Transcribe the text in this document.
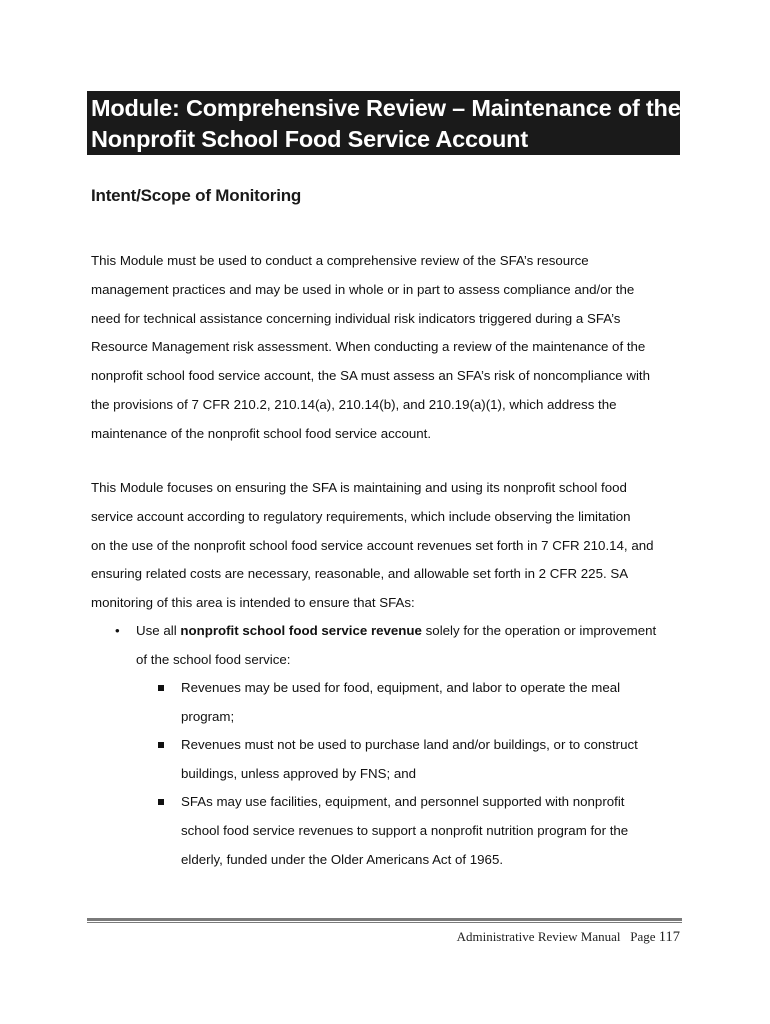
Module: Comprehensive Review – Maintenance of the
Nonprofit School Food Service Account
Intent/Scope of Monitoring
This Module must be used to conduct a comprehensive review of the SFA’s resource
management practices and may be used in whole or in part to assess compliance and/or the
need for technical assistance concerning individual risk indicators triggered during a SFA’s
Resource Management risk assessment. When conducting a review of the maintenance of the
nonprofit school food service account, the SA must assess an SFA’s risk of noncompliance with
the provisions of 7 CFR 210.2, 210.14(a), 210.14(b), and 210.19(a)(1), which address the
maintenance of the nonprofit school food service account.
This Module focuses on ensuring the SFA is maintaining and using its nonprofit school food
service account according to regulatory requirements, which include observing the limitation
on the use of the nonprofit school food service account revenues set forth in 7 CFR 210.14, and
ensuring related costs are necessary, reasonable, and allowable set forth in 2 CFR 225. SA
monitoring of this area is intended to ensure that SFAs:
• Use all nonprofit school food service revenue solely for the operation or improvement
of the school food service:
Revenues may be used for food, equipment, and labor to operate the meal
program;
Revenues must not be used to purchase land and/or buildings, or to construct
buildings, unless approved by FNS; and
SFAs may use facilities, equipment, and personnel supported with nonprofit
school food service revenues to support a nonprofit nutrition program for the
elderly, funded under the Older Americans Act of 1965.
Administrative Review Manual Page 117
